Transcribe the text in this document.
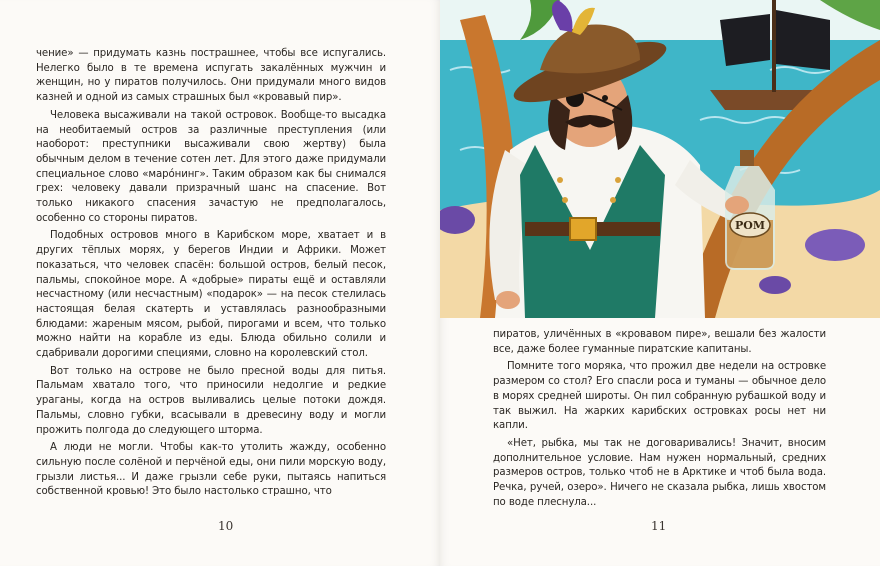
чение» — придумать казнь пострашнее, чтобы все испугались. Нелегко было в те времена испугать закалённых мужчин и женщин, но у пиратов получилось. Они придумали много видов казней и одной из самых страшных был «кровавый пир».

Человека высаживали на такой островок. Вообще-то высадка на необитаемый остров за различные преступления (или наоборот: преступники высаживали свою жертву) была обычным делом в течение сотен лет. Для этого даже придумали специальное слово «марóнинг». Таким образом как бы снимался грех: человеку давали призрачный шанс на спасение. Вот только никакого спасения зачастую не предполагалось, особенно со стороны пиратов.

Подобных островов много в Карибском море, хватает и в других тёплых морях, у берегов Индии и Африки. Может показаться, что человек спасён: большой остров, белый песок, пальмы, спокойное море. А «добрые» пираты ещё и оставляли несчастному (или несчастным) «подарок» — на песок стелилась настоящая белая скатерть и уставлялась разнообразными блюдами: жареным мясом, рыбой, пирогами и всем, что только можно найти на корабле из еды. Блюда обильно солили и сдабривали дорогими специями, словно на королевский стол.

Вот только на острове не было пресной воды для питья. Пальмам хватало того, что приносили недолгие и редкие ураганы, когда на остров выливались целые потоки дождя. Пальмы, словно губки, всасывали в древесину воду и могли прожить полгода до следующего шторма.

А люди не могли. Чтобы как-то утолить жажду, особенно сильную после солёной и перчёной еды, они пили морскую воду, грызли листья... И даже грызли себе руки, пытаясь напиться собственной кровью! Это было настолько страшно, что

10	11
РОМ

пиратов, уличённых в «кровавом пире», вешали без жалости все, даже более гуманные пиратские капитаны.

Помните того моряка, что прожил две недели на островке размером со стол? Его спасли роса и туманы — обычное дело в морях средней широты. Он пил собранную рубашкой воду и так выжил. На жарких карибских островках росы нет ни капли.

«Нет, рыбка, мы так не договаривались! Значит, вносим дополнительное условие. Нам нужен нормальный, средних размеров остров, только чтоб не в Арктике и чтоб была вода. Речка, ручей, озеро». Ничего не сказала рыбка, лишь хвостом по воде плеснула...
